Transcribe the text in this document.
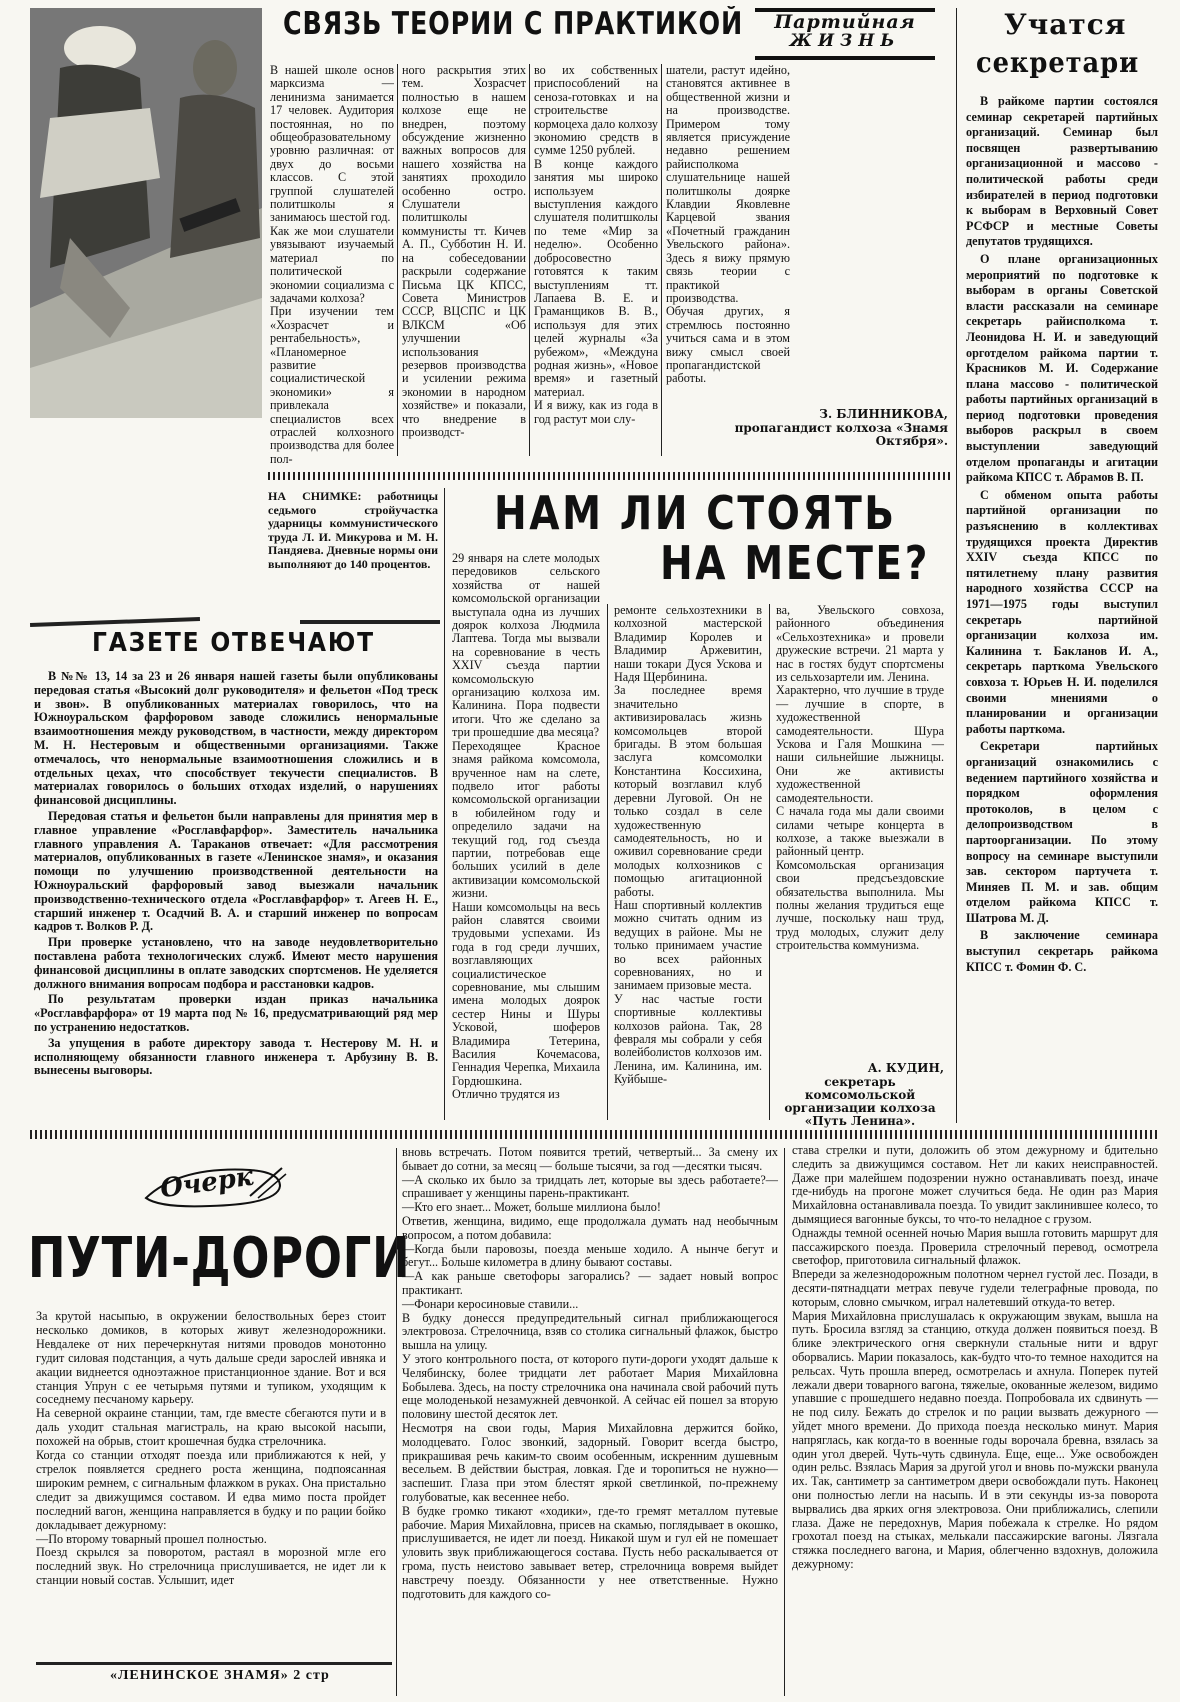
СВЯЗЬ ТЕОРИИ С ПРАКТИКОЙ	Партийная
ЖИЗНЬ
В нашей школе основ марксизма — ленинизма занимается 17 человек. Аудитория постоянная, но по общеобразовательному уровню различная: от двух до восьми классов. С этой группой слушателей политшколы я занимаюсь шестой год.
Как же мои слушатели увязывают изучаемый материал по политической экономии социализма с задачами колхоза?
При изучении тем «Хозрасчет и рентабельность», «Планомерное развитие социалистической экономики» я привлекала специалистов всех отраслей колхозного производства для более пол-
ного раскрытия этих тем. Хозрасчет полностью в нашем колхозе еще не внедрен, поэтому обсуждение жизненно важных вопросов для нашего хозяйства на занятиях проходило особенно остро. Слушатели политшколы коммунисты тт. Кичев А. П., Субботин Н. И. на собеседовании раскрыли содержание Письма ЦК КПСС, Совета Министров СССР, ВЦСПС и ЦК ВЛКСМ «Об улучшении использования резервов производства и усилении режима экономии в народном хозяйстве» и показали, что внедрение в производст-
во их собственных приспособлений на сеноза-готовках и на строительстве кормоцеха дало колхозу экономию средств в сумме 1250 рублей.
В конце каждого занятия мы широко используем выступления каждого слушателя политшколы по теме «Мир за неделю». Особенно добросовестно готовятся к таким выступлениям тт. Лапаева В. Е. и Граманщиков В. В., используя для этих целей журналы «За рубежом», «Междуна родная жизнь», «Новое время» и газетный материал.
И я вижу, как из года в год растут мои слу-
шатели, растут идейно, становятся активнее в общественной жизни и на производстве. Примером тому является присуждение недавно решением райисполкома слушательнице нашей политшколы доярке Клавдии Яковлевне Карцевой звания «Почетный гражданин Увельского района». Здесь я вижу прямую связь теории с практикой производства.
Обучая других, я стремлюсь постоянно учиться сама и в этом вижу смысл своей пропагандистской работы.
З. БЛИННИКОВА,
пропагандист колхоза «Знамя Октября».
НА СНИМКЕ: работницы седьмого стройучастка ударницы коммунистического труда Л. И. Микурова и М. Н. Пандяева. Дневные нормы они выполняют до 140 процентов.
Учатся
секретари

В райкоме партии состоялся семинар секретарей партийных организаций. Семинар был посвящен развертыванию организационной и массово - политической работы среди избирателей в период подготовки к выборам в Верховный Совет РСФСР и местные Советы депутатов трудящихся.

О плане организационных мероприятий по подготовке к выборам в органы Советской власти рассказали на семинаре секретарь райисполкома т. Леонидова Н. И. и заведующий орготделом райкома партии т. Красников М. И. Содержание плана массово - политической работы партийных организаций в период подготовки проведения выборов раскрыл в своем выступлении заведующий отделом пропаганды и агитации райкома КПСС т. Абрамов В. П.

С обменом опыта работы партийной организации по разъяснению в коллективах трудящихся проекта Директив XXIV съезда КПСС по пятилетнему плану развития народного хозяйства СССР на 1971—1975 годы выступил секретарь партийной организации колхоза им. Калинина т. Бакланов И. А., секретарь парткома Увельского совхоза т. Юрьев Н. И. поделился своими мнениями о планировании и организации работы парткома.

Секретари партийных организаций ознакомились с ведением партийного хозяйства и порядком оформления протоколов, в целом с делопроизводством в партоорганизации. По этому вопросу на семинаре выступили зав. сектором партучета т. Миняев П. М. и зав. общим отделом райкома КПСС т. Шатрова М. Д.

В заключение семинара выступил секретарь райкома КПСС т. Фомин Ф. С.

НАМ ЛИ СТОЯТЬ
НА МЕСТЕ?
29 января на слете молодых передовиков сельского хозяйства от нашей комсомольской организации выступала одна из лучших доярок колхоза Людмила Лаптева. Тогда мы вызвали на соревнование в честь XXIV съезда партии комсомольскую организацию колхоза им. Калинина. Пора подвести итоги. Что же сделано за три прошедшие два месяца?
Переходящее Красное знамя райкома комсомола, врученное нам на слете, подвело итог работы комсомольской организации в юбилейном году и определило задачи на текущий год, год съезда партии, потребовав еще больших усилий в деле активизации комсомольской жизни.
Наши комсомольцы на весь район славятся своими трудовыми успехами. Из года в год среди лучших, возглавляющих социалистическое соревнование, мы слышим имена молодых доярок сестер Нины и Шуры Усковой, шоферов Владимира Тетерина, Василия Кочемасова, Геннадия Черепка, Михаила Гордюшкина.
Отлично трудятся из
ремонте сельхозтехники в колхозной мастерской Владимир Королев и Владимир Аржевитин, наши токари Дуся Ускова и Надя Щербинина.
За последнее время значительно активизировалась жизнь комсомольцев второй бригады. В этом большая заслуга комсомолки Константина Коссихина, который возглавил клуб деревни Луговой. Он не только создал в селе художественную самодеятельность, но и оживил соревнование среди молодых колхозников с помощью агитационной работы.
Наш спортивный коллектив можно считать одним из ведущих в районе. Мы не только принимаем участие во всех районных соревнованиях, но и занимаем призовые места.
У нас частые гости спортивные коллективы колхозов района. Так, 28 февраля мы собрали у себя волейболистов колхозов им. Ленина, им. Калинина, им. Куйбыше-
ва, Увельского совхоза, районного объединения «Сельхозтехника» и провели дружеские встречи. 21 марта у нас в гостях будут спортсмены из сельхозартели им. Ленина.
Характерно, что лучшие в труде — лучшие в спорте, в художественной самодеятельности. Шура Ускова и Галя Мошкина — наши сильнейшие лыжницы. Они же активисты художественной самодеятельности.
С начала года мы дали своими силами четыре концерта в колхозе, а также выезжали в районный центр.
Комсомольская организация свои предсъездовские обязательства выполнила. Мы полны желания трудиться еще лучше, поскольку наш труд, труд молодых, служит делу строительства коммунизма.
А. КУДИН,
секретарь комсомольской организации колхоза «Путь Ленина».
ГАЗЕТЕ ОТВЕЧАЮТ

В №№ 13, 14 за 23 и 26 января нашей газеты были опубликованы передовая статья «Высокий долг руководителя» и фельетон «Под треск и звон». В опубликованных материалах говорилось, что на Южноуральском фарфоровом заводе сложились ненормальные взаимоотношения между руководством, в частности, между директором М. Н. Нестеровым и общественными организациями. Также отмечалось, что ненормальные взаимоотношения сложились и в отдельных цехах, что способствует текучести специалистов. В материалах говорилось о больших отходах изделий, о нарушениях финансовой дисциплины.

Передовая статья и фельетон были направлены для принятия мер в главное управление «Росглавфарфор». Заместитель начальника главного управления А. Тараканов отвечает: «Для рассмотрения материалов, опубликованных в газете «Ленинское знамя», и оказания помощи по улучшению производственной деятельности на Южноуральский фарфоровый завод выезжали начальник производственно-технического отдела «Росглавфарфор» т. Агеев Н. Е., старший инженер т. Осадчий В. А. и старший инженер по вопросам кадров т. Волков Р. Д.

При проверке установлено, что на заводе неудовлетворительно поставлена работа технологических служб. Имеют место нарушения финансовой дисциплины в оплате заводских спортсменов. Не уделяется должного внимания вопросам подбора и расстановки кадров.

По результатам проверки издан приказ начальника «Росглавфарфора» от 19 марта под № 16, предусматривающий ряд мер по устранению недостатков.

За упущения в работе директору завода т. Нестерову М. Н. и исполняющему обязанности главного инженера т. Арбузину В. В. вынесены выговоры.

Очерк
ПУТИ-ДОРОГИ
За крутой насыпью, в окружении белоствольных берез стоит несколько домиков, в которых живут железнодорожники. Невдалеке от них перечеркнутая нитями проводов монотонно гудит силовая подстанция, а чуть дальше среди зарослей ивняка и акации виднеется одноэтажное пристанционное здание. Вот и вся станция Упрун с ее четырьмя путями и тупиком, уходящим к соседнему песчаному карьеру.
На северной окраине станции, там, где вместе сбегаются пути и в даль уходит стальная магистраль, на краю высокой насыпи, похожей на обрыв, стоит крошечная будка стрелочника.
Когда со станции отходят поезда или приближаются к ней, у стрелок появляется среднего роста женщина, подпоясанная широким ремнем, с сигнальным флажком в руках. Она пристально следит за движущимся составом. И едва мимо поста пройдет последний вагон, женщина направляется в будку и по рации бойко докладывает дежурному:
—По второму товарный прошел полностью.
Поезд скрылся за поворотом, растаял в морозной мгле его последний звук. Но стрелочница прислушивается, не идет ли к станции новый состав. Услышит, идет
«ЛЕНИНСКОЕ ЗНАМЯ» 2 стр
вновь встречать. Потом появится третий, четвертый... За смену их бывает до сотни, за месяц — больше тысячи, за год —десятки тысяч.
—А сколько их было за тридцать лет, которые вы здесь работаете?—спрашивает у женщины парень-практикант.
—Кто его знает... Может, больше миллиона было!
Ответив, женщина, видимо, еще продолжала думать над необычным вопросом, а потом добавила:
—Когда были паровозы, поезда меньше ходило. А нынче бегут и бегут... Больше километра в длину бывают составы.
—А как раньше светофоры загорались? — задает новый вопрос практикант.
—Фонари керосиновые ставили...
В будку донесся предупредительный сигнал приближающегося электровоза. Стрелочница, взяв со столика сигнальный флажок, быстро вышла на улицу.
У этого контрольного поста, от которого пути-дороги уходят дальше к Челябинску, более тридцати лет работает Мария Михайловна Бобылева. Здесь, на посту стрелочника она начинала свой рабочий путь еще молоденькой незамужней девчонкой. А сейчас ей пошел за вторую половину шестой десяток лет.
Несмотря на свои годы, Мария Михайловна держится бойко, молодцевато. Голос звонкий, задорный. Говорит всегда быстро, прикрашивая речь каким-то своим особенным, искренним душевным весельем. В действии быстрая, ловкая. Где и торопиться не нужно—заспешит. Глаза при этом блестят яркой светлинкой, по-прежнему голубоватые, как весеннее небо.
В будке громко тикают «ходики», где-то гремят металлом путевые рабочие. Мария Михайловна, присев на скамью, поглядывает в окошко, прислушивается, не идет ли поезд. Никакой шум и гул ей не помешает уловить звук приближающегося состава. Пусть небо раскалывается от грома, пусть неистово завывает ветер, стрелочница вовремя выйдет навстречу поезду. Обязанности у нее ответственные. Нужно подготовить для каждого со-
става стрелки и пути, доложить об этом дежурному и бдительно следить за движущимся составом. Нет ли каких неисправностей. Даже при малейшем подозрении нужно останавливать поезд, иначе где-нибудь на прогоне может случиться беда. Не один раз Мария Михайловна останавливала поезда. То увидит заклинившее колесо, то дымящиеся вагонные буксы, то что-то неладное с грузом.
Однажды темной осенней ночью Мария вышла готовить маршрут для пассажирского поезда. Проверила стрелочный перевод, осмотрела светофор, приготовила сигнальный флажок.
Впереди за железнодорожным полотном чернел густой лес. Позади, в десяти-пятнадцати метрах певуче гудели телеграфные провода, по которым, словно смычком, играл налетевший откуда-то ветер.
Мария Михайловна прислушалась к окружающим звукам, вышла на путь. Бросила взгляд за станцию, откуда должен появиться поезд. В блике электрического огня сверкнули стальные нити и вдруг оборвались. Марии показалось, как-будто что-то темное находится на рельсах. Чуть прошла вперед, осмотрелась и ахнула. Поперек путей лежали двери товарного вагона, тяжелые, окованные железом, видимо упавшие с прошедшего недавно поезда. Попробовала их сдвинуть — не под силу. Бежать до стрелок и по рации вызвать дежурного — уйдет много времени. До прихода поезда несколько минут. Мария напряглась, как когда-то в военные годы ворочала бревна, взялась за один угол дверей. Чуть-чуть сдвинула. Еще, еще... Уже освобожден один рельс. Взялась Мария за другой угол и вновь по-мужски рванула их. Так, сантиметр за сантиметром двери освобождали путь. Наконец они полностью легли на насыпь. И в эти секунды из-за поворота вырвались два ярких огня электровоза. Они приближались, слепили глаза. Даже не передохнув, Мария побежала к стрелке. Но рядом грохотал поезд на стыках, мелькали пассажирские вагоны. Лязгала стяжка последнего вагона, и Мария, облегченно вздохнув, доложила дежурному:
